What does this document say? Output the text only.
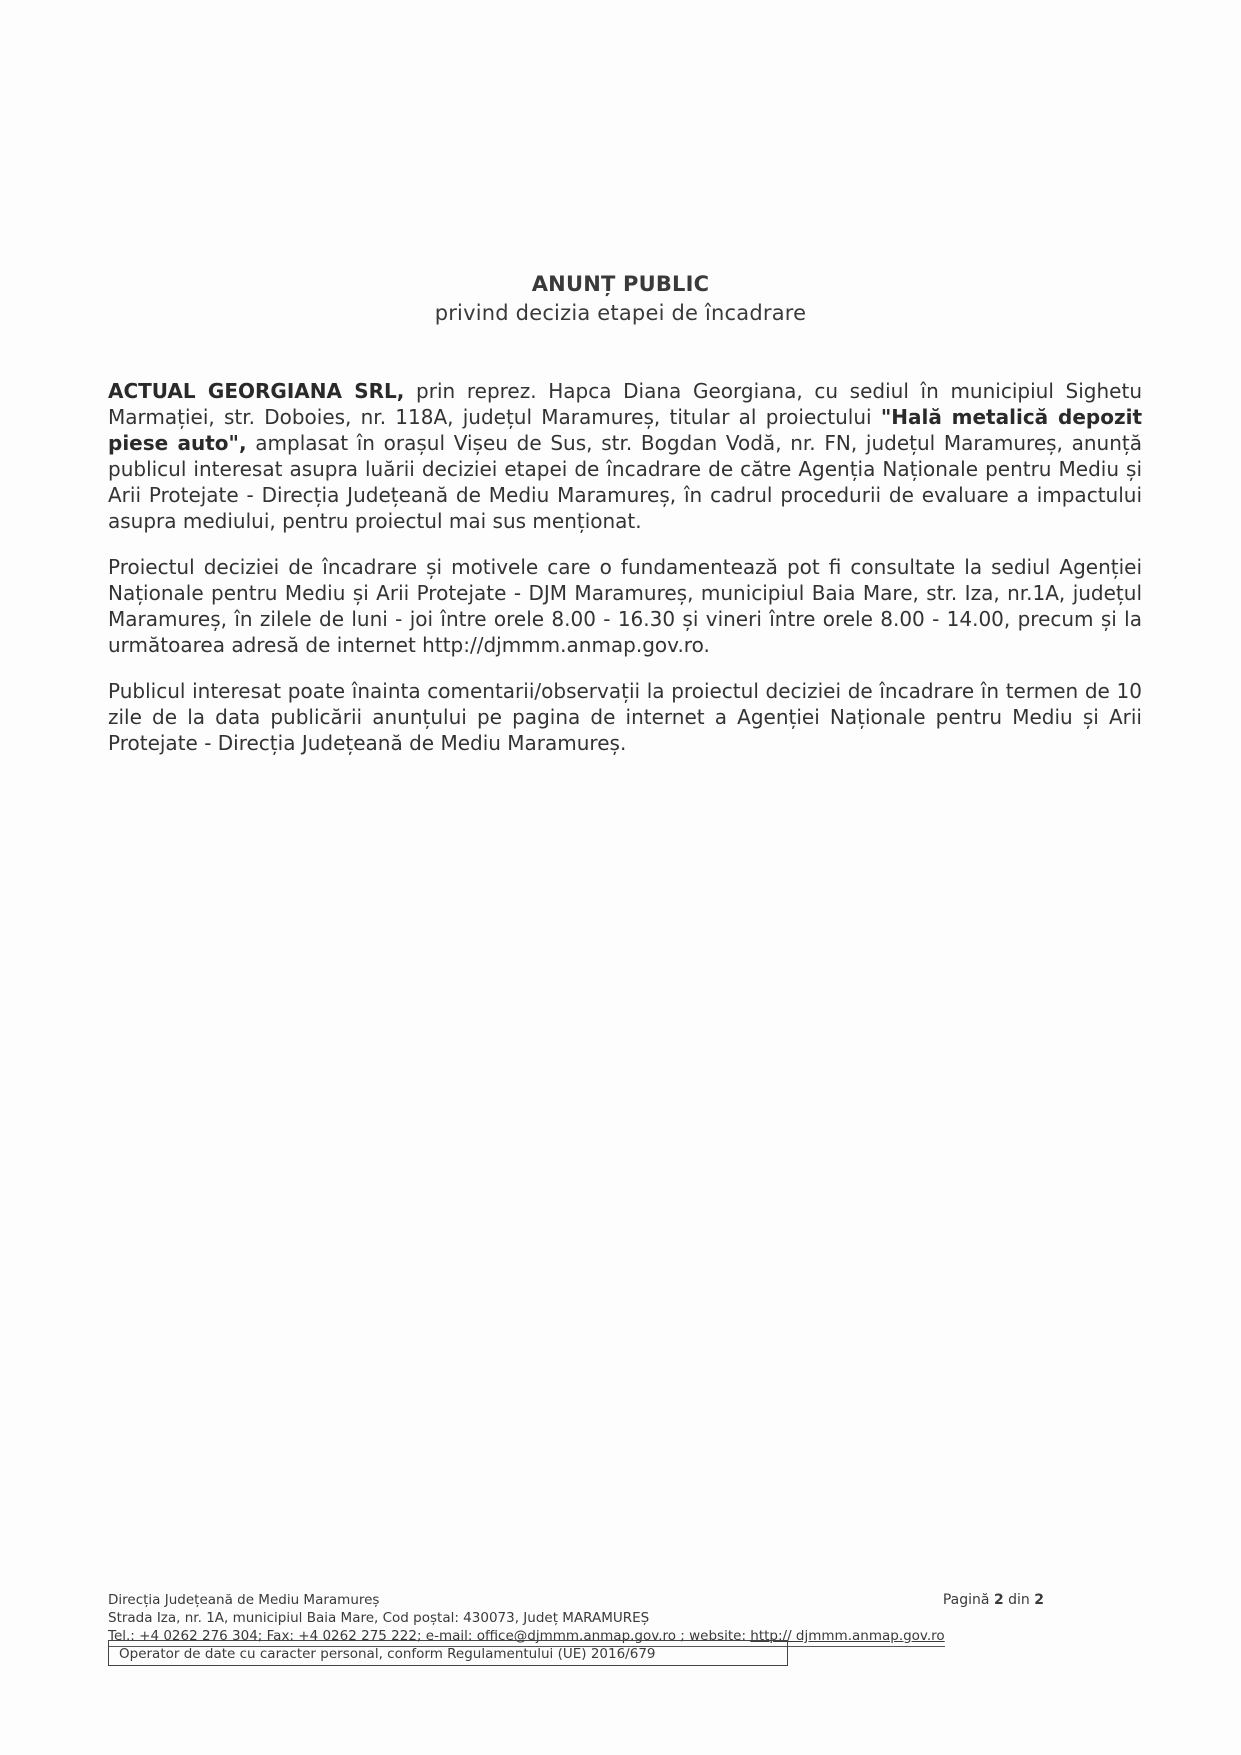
ANUNȚ PUBLIC
privind decizia etapei de încadrare

ACTUAL GEORGIANA SRL, prin reprez. Hapca Diana Georgiana, cu sediul în municipiul Sighetu Marmației, str. Doboies, nr. 118A, județul Maramureș, titular al proiectului "Hală metalică depozit piese auto", amplasat în orașul Vișeu de Sus, str. Bogdan Vodă, nr. FN, județul Maramureș, anunță publicul interesat asupra luării deciziei etapei de încadrare de către Agenția Naționale pentru Mediu și Arii Protejate - Direcția Județeană de Mediu Maramureș, în cadrul procedurii de evaluare a impactului asupra mediului, pentru proiectul mai sus menționat.

Proiectul deciziei de încadrare și motivele care o fundamentează pot fi consultate la sediul Agenției Naționale pentru Mediu și Arii Protejate - DJM Maramureș, municipiul Baia Mare, str. Iza, nr.1A, județul Maramureș, în zilele de luni - joi între orele 8.00 - 16.30 și vineri între orele 8.00 - 14.00, precum și la următoarea adresă de internet http://djmmm.anmap.gov.ro.

Publicul interesat poate înainta comentarii/observații la proiectul deciziei de încadrare în termen de 10 zile de la data publicării anunțului pe pagina de internet a Agenției Naționale pentru Mediu și Arii Protejate - Direcția Județeană de Mediu Maramureș.

Direcția Județeană de Mediu Maramureș	Pagină 2 din 2
Strada Iza, nr. 1A, municipiul Baia Mare, Cod poștal: 430073, Județ MARAMUREȘ
Tel.: +4 0262 276 304; Fax: +4 0262 275 222; e-mail: office@djmmm.anmap.gov.ro ; website: http:// djmmm.anmap.gov.ro
Operator de date cu caracter personal, conform Regulamentului (UE) 2016/679
